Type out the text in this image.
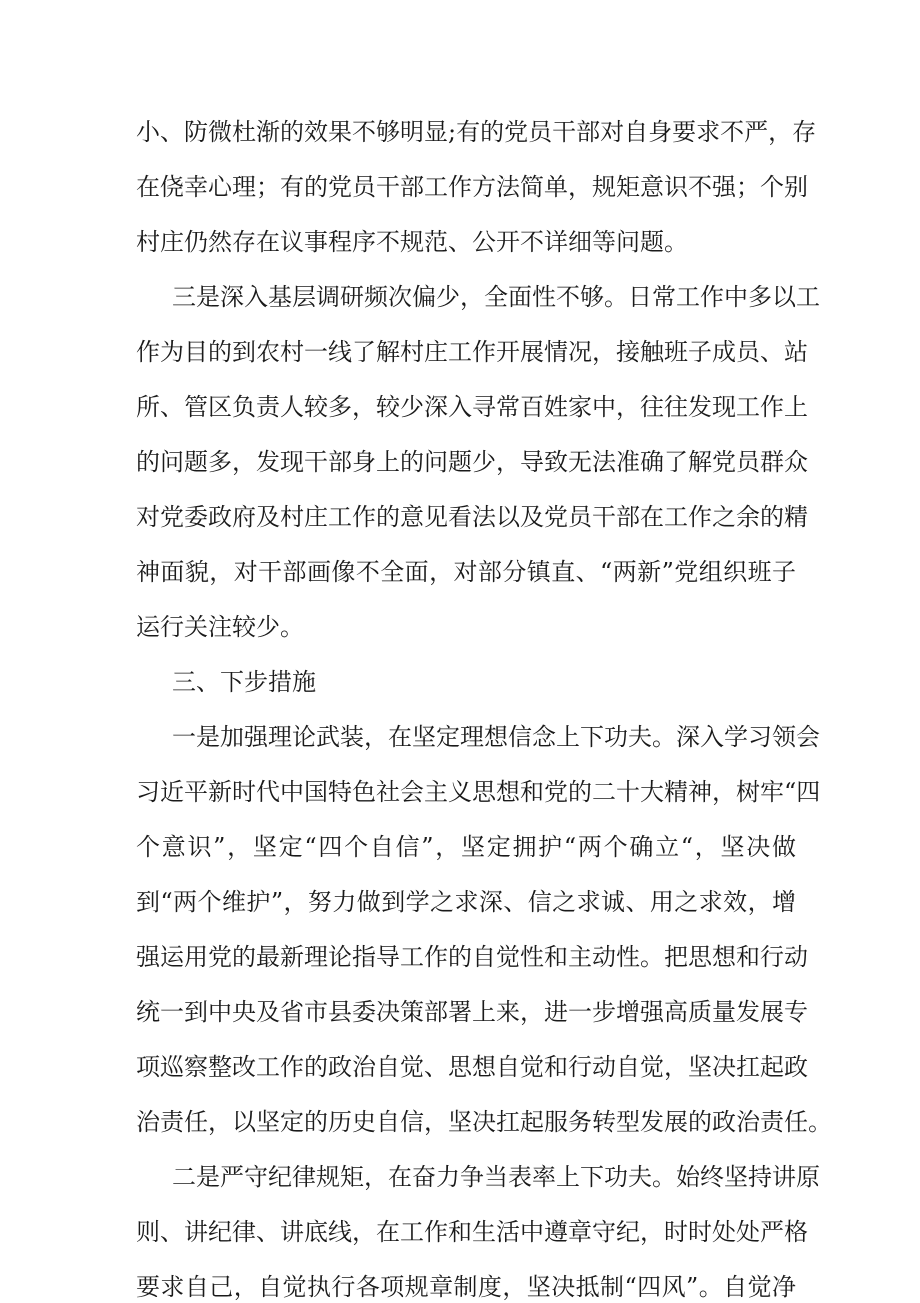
小、防微杜渐的效果不够明显;有的党员干部对自身要求不严，存
在侥幸心理；有的党员干部工作方法简单，规矩意识不强；个别
村庄仍然存在议事程序不规范、公开不详细等问题。
三是深入基层调研频次偏少，全面性不够。日常工作中多以工
作为目的到农村一线了解村庄工作开展情况，接触班子成员、站
所、管区负责人较多，较少深入寻常百姓家中，往往发现工作上
的问题多，发现干部身上的问题少，导致无法准确了解党员群众
对党委政府及村庄工作的意见看法以及党员干部在工作之余的精
神面貌，对干部画像不全面，对部分镇直、“两新”党组织班子
运行关注较少。
三、下步措施
一是加强理论武装，在坚定理想信念上下功夫。深入学习领会
习近平新时代中国特色社会主义思想和党的二十大精神，树牢“四
个意识”，坚定“四个自信”，坚定拥护“两个确立“，坚决做
到“两个维护”，努力做到学之求深、信之求诚、用之求效，增
强运用党的最新理论指导工作的自觉性和主动性。把思想和行动
统一到中央及省市县委决策部署上来，进一步增强高质量发展专
项巡察整改工作的政治自觉、思想自觉和行动自觉，坚决扛起政
治责任，以坚定的历史自信，坚决扛起服务转型发展的政治责任。
二是严守纪律规矩，在奋力争当表率上下功夫。始终坚持讲原
则、讲纪律、讲底线，在工作和生活中遵章守纪，时时处处严格
要求自己，自觉执行各项规章制度，坚决抵制“四风”。自觉净
